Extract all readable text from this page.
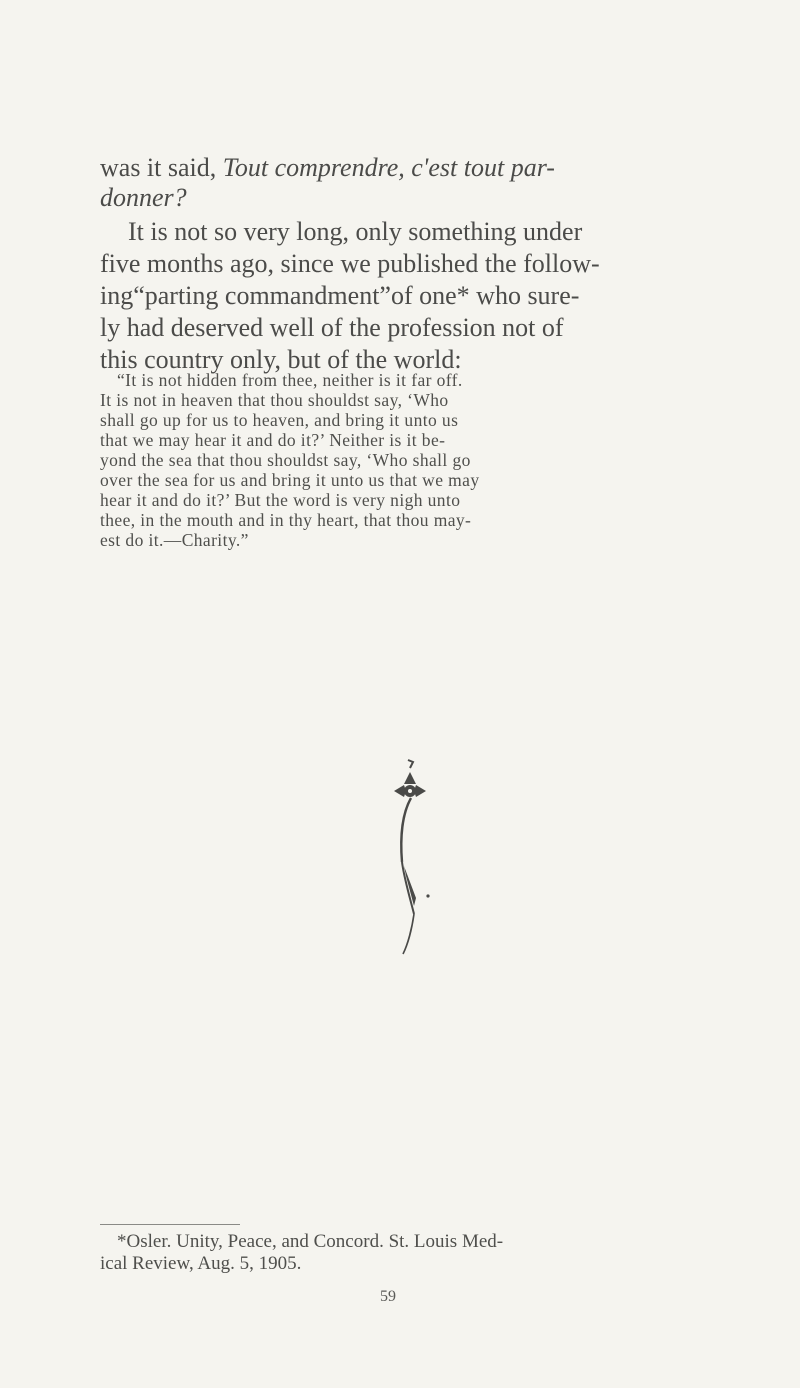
was it said, Tout comprendre, c'est tout par-
donner?
It is not so very long, only something under
five months ago, since we published the follow-
ing“parting commandment”of one* who sure-
ly had deserved well of the profession not of
this country only, but of the world:
“It is not hidden from thee, neither is it far off.
It is not in heaven that thou shouldst say, ‘Who
shall go up for us to heaven, and bring it unto us
that we may hear it and do it?’ Neither is it be-
yond the sea that thou shouldst say, ‘Who shall go
over the sea for us and bring it unto us that we may
hear it and do it?’ But the word is very nigh unto
thee, in the mouth and in thy heart, that thou may-
est do it.—Charity.”
*Osler. Unity, Peace, and Concord. St. Louis Med-
ical Review, Aug. 5, 1905.
59
